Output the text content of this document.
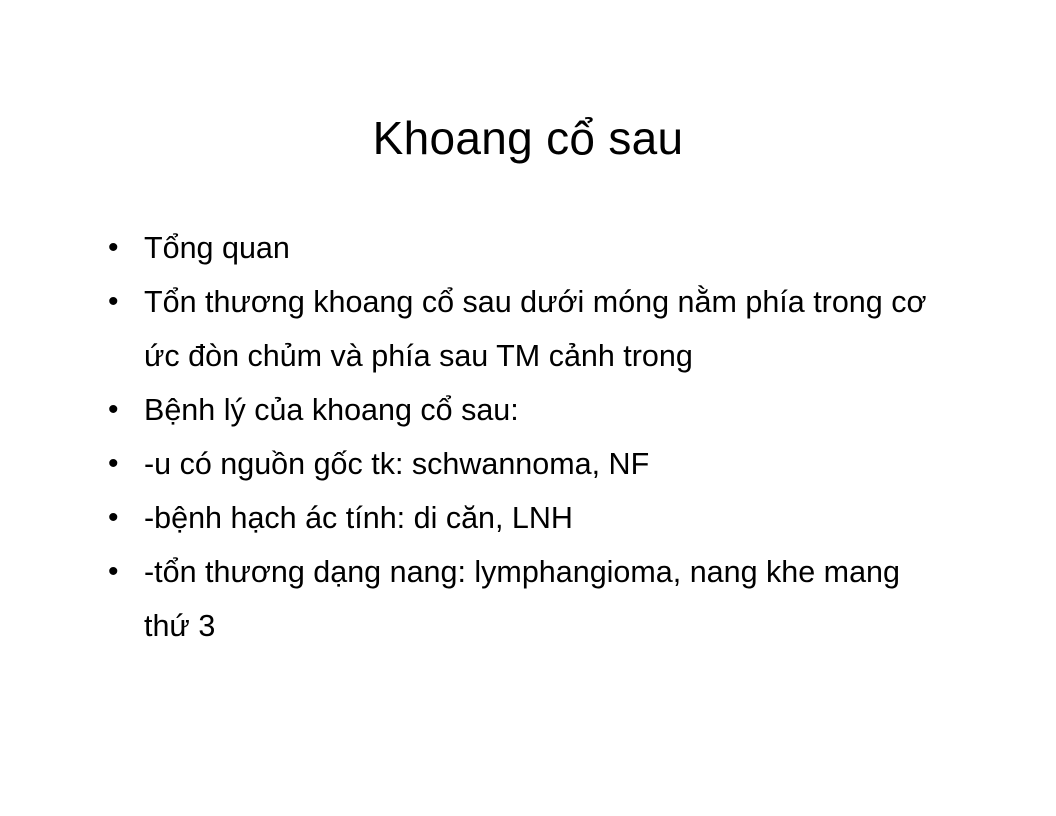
Khoang cổ sau
• Tổng quan
• Tổn thương khoang cổ sau dưới móng nằm phía trong cơ ức đòn chủm và phía sau TM cảnh trong
• Bệnh lý của khoang cổ sau:
• -u có nguồn gốc tk: schwannoma, NF
• -bệnh hạch ác tính: di căn, LNH
• -tổn thương dạng nang: lymphangioma, nang khe mang thứ 3
